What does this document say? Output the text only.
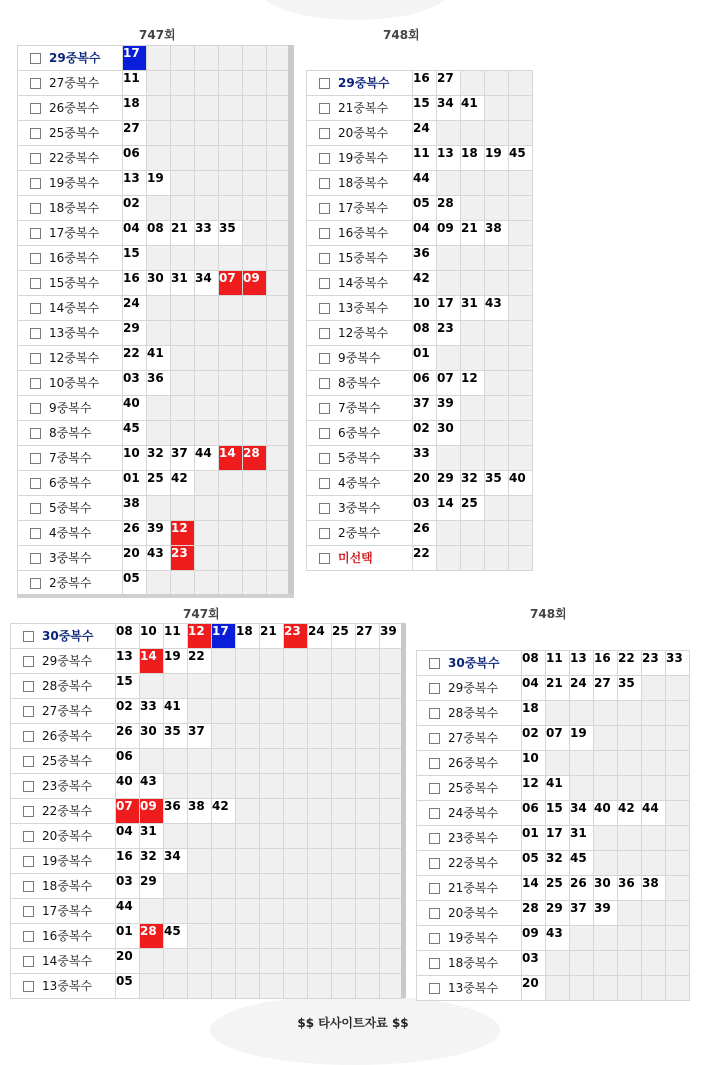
747회	748회
747회	748회
29중복수	17						
27중복수	11						
26중복수	18						
25중복수	27						
22중복수	06						
19중복수	13	19					
18중복수	02						
17중복수	04	08	21	33	35		
16중복수	15						
15중복수	16	30	31	34	07	09	
14중복수	24						
13중복수	29						
12중복수	22	41					
10중복수	03	36					
9중복수	40						
8중복수	45						
7중복수	10	32	37	44	14	28	
6중복수	01	25	42				
5중복수	38						
4중복수	26	39	12				
3중복수	20	43	23				
2중복수	05						
29중복수	16	27			
21중복수	15	34	41		
20중복수	24				
19중복수	11	13	18	19	45
18중복수	44				
17중복수	05	28			
16중복수	04	09	21	38	
15중복수	36				
14중복수	42				
13중복수	10	17	31	43	
12중복수	08	23			
9중복수	01				
8중복수	06	07	12		
7중복수	37	39			
6중복수	02	30			
5중복수	33				
4중복수	20	29	32	35	40
3중복수	03	14	25		
2중복수	26				
미선택	22				
30중복수	08	10	11	12	17	18	21	23	24	25	27	39
29중복수	13	14	19	22								
28중복수	15											
27중복수	02	33	41									
26중복수	26	30	35	37								
25중복수	06											
23중복수	40	43										
22중복수	07	09	36	38	42							
20중복수	04	31										
19중복수	16	32	34									
18중복수	03	29										
17중복수	44											
16중복수	01	28	45									
14중복수	20											
13중복수	05											
30중복수	08	11	13	16	22	23	33
29중복수	04	21	24	27	35		
28중복수	18						
27중복수	02	07	19				
26중복수	10						
25중복수	12	41					
24중복수	06	15	34	40	42	44	
23중복수	01	17	31				
22중복수	05	32	45				
21중복수	14	25	26	30	36	38	
20중복수	28	29	37	39			
19중복수	09	43					
18중복수	03						
13중복수	20						
$$ 타사이트자료 $$
